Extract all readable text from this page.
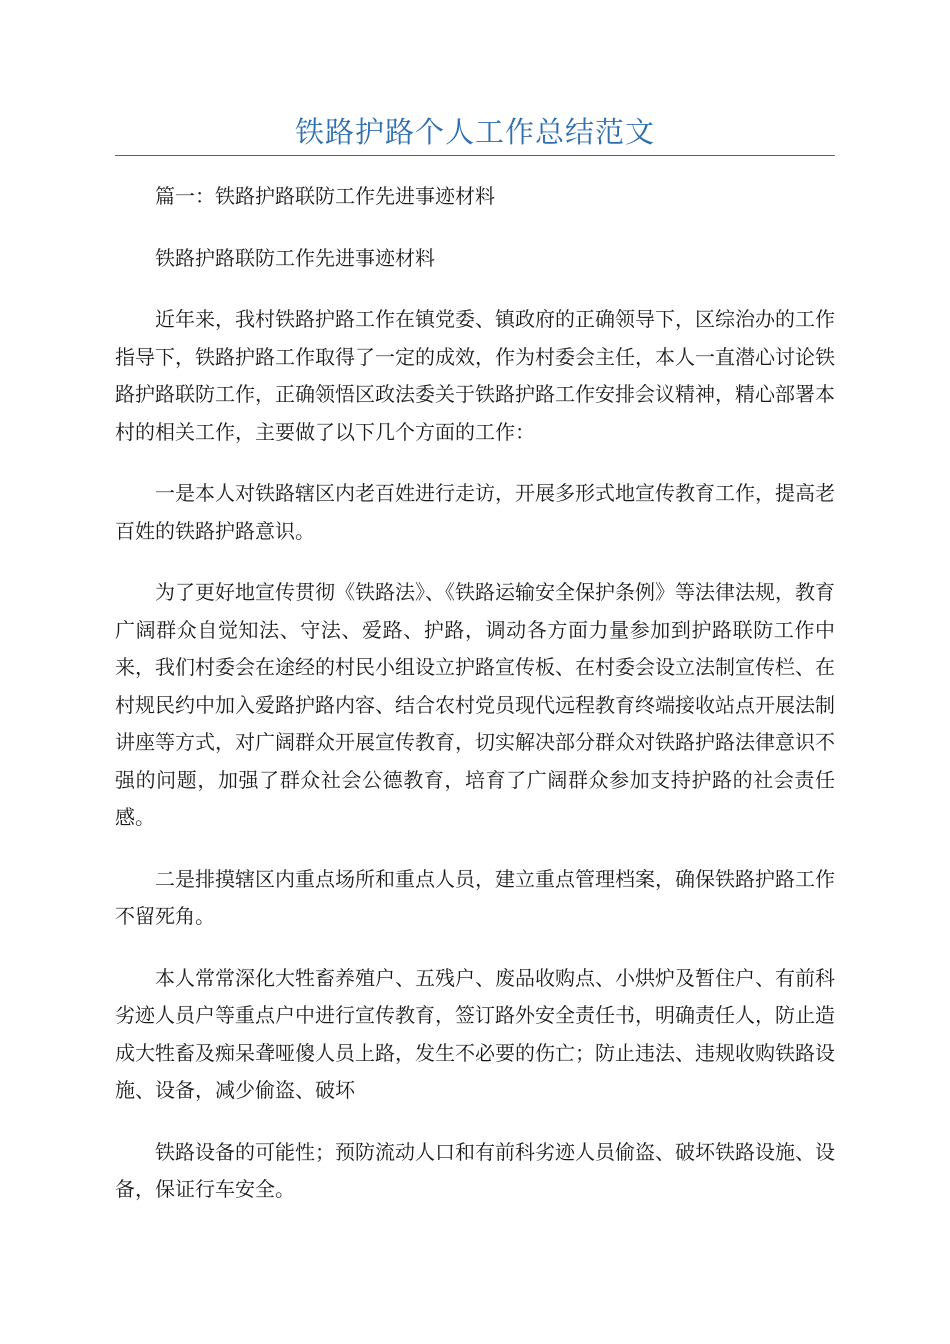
铁路护路个人工作总结范文

篇一：铁路护路联防工作先进事迹材料

铁路护路联防工作先进事迹材料

近年来，我村铁路护路工作在镇党委、镇政府的正确领导下，区综治办的工作指导下，铁路护路工作取得了一定的成效，作为村委会主任，本人一直潜心讨论铁路护路联防工作，正确领悟区政法委关于铁路护路工作安排会议精神，精心部署本村的相关工作，主要做了以下几个方面的工作：

一是本人对铁路辖区内老百姓进行走访，开展多形式地宣传教育工作，提高老百姓的铁路护路意识。

为了更好地宣传贯彻《铁路法》、《铁路运输安全保护条例》等法律法规，教育广阔群众自觉知法、守法、爱路、护路，调动各方面力量参加到护路联防工作中来，我们村委会在途经的村民小组设立护路宣传板、在村委会设立法制宣传栏、在村规民约中加入爱路护路内容、结合农村党员现代远程教育终端接收站点开展法制讲座等方式，对广阔群众开展宣传教育，切实解决部分群众对铁路护路法律意识不强的问题，加强了群众社会公德教育，培育了广阔群众参加支持护路的社会责任感。

二是排摸辖区内重点场所和重点人员，建立重点管理档案，确保铁路护路工作不留死角。

本人常常深化大牲畜养殖户、五残户、废品收购点、小烘炉及暂住户、有前科劣迹人员户等重点户中进行宣传教育，签订路外安全责任书，明确责任人，防止造成大牲畜及痴呆聋哑傻人员上路，发生不必要的伤亡；防止违法、违规收购铁路设施、设备，减少偷盗、破坏

铁路设备的可能性；预防流动人口和有前科劣迹人员偷盗、破坏铁路设施、设备，保证行车安全。
